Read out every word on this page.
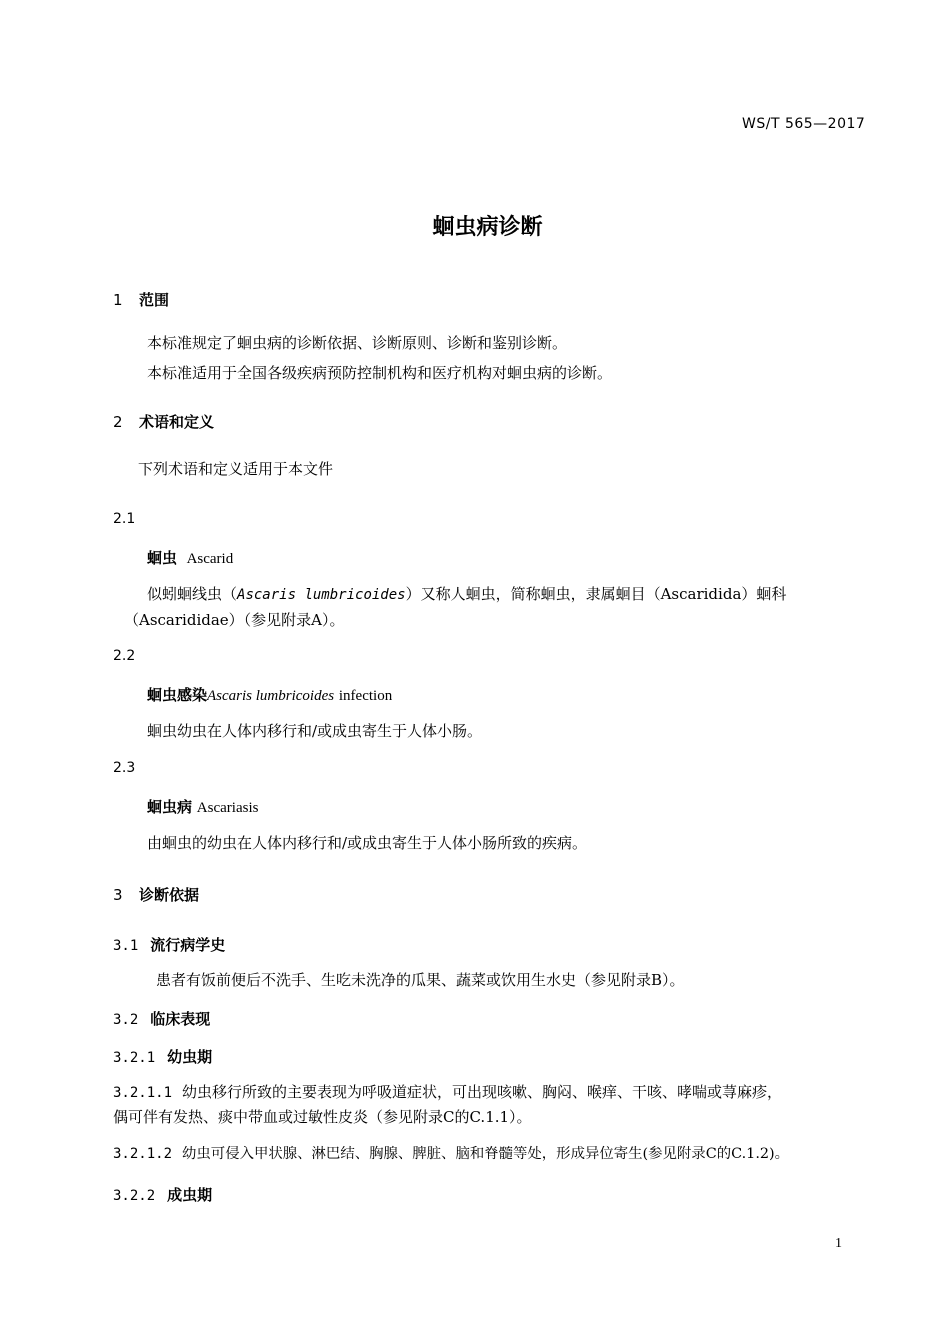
WS/T 565—2017
蛔虫病诊断
1 范围
本标准规定了蛔虫病的诊断依据、诊断原则、诊断和鉴别诊断。
本标准适用于全国各级疾病预防控制机构和医疗机构对蛔虫病的诊断。
2 术语和定义
下列术语和定义适用于本文件
2.1
蛔虫 Ascarid
似蚓蛔线虫（Ascaris lumbricoides）又称人蛔虫，简称蛔虫，隶属蛔目（Ascaridida）蛔科
（Ascarididae）（参见附录A）。
2.2
蛔虫感染Ascaris lumbricoides infection
蛔虫幼虫在人体内移行和/或成虫寄生于人体小肠。
2.3
蛔虫病 Ascariasis
由蛔虫的幼虫在人体内移行和/或成虫寄生于人体小肠所致的疾病。
3 诊断依据
3.1 流行病学史
患者有饭前便后不洗手、生吃未洗净的瓜果、蔬菜或饮用生水史（参见附录B）。
3.2 临床表现
3.2.1 幼虫期
3.2.1.1 幼虫移行所致的主要表现为呼吸道症状，可出现咳嗽、胸闷、喉痒、干咳、哮喘或荨麻疹，
偶可伴有发热、痰中带血或过敏性皮炎（参见附录C的C.1.1）。
3.2.1.2 幼虫可侵入甲状腺、淋巴结、胸腺、脾脏、脑和脊髓等处，形成异位寄生(参见附录C的C.1.2)。
3.2.2 成虫期
1
